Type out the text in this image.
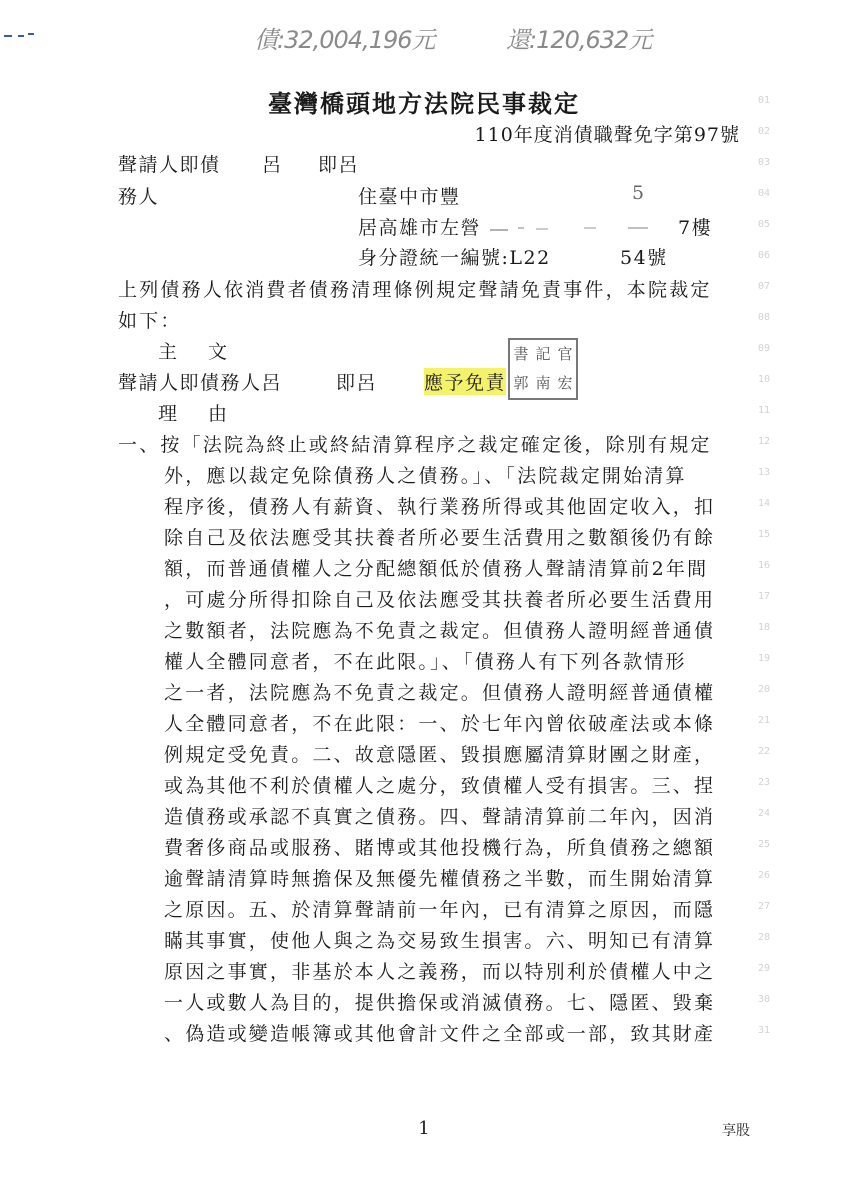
債:32,004,196元	還:120,632元
臺灣橋頭地方法院民事裁定
110年度消債職聲免字第97號
聲請人即債 呂 即呂
務人	住臺中市豐	5
居高雄市左營	7樓
身分證統一編號:L22	54號
上列債務人依消費者債務清理條例規定聲請免責事件，本院裁定
如下：
主　文
聲請人即債務人呂	即呂 應予免責
書 記 官
郭 南 宏
理　由
一、按「法院為終止或終結清算程序之裁定確定後，除別有規定
外，應以裁定免除債務人之債務。」、「法院裁定開始清算
程序後，債務人有薪資、執行業務所得或其他固定收入，扣
除自己及依法應受其扶養者所必要生活費用之數額後仍有餘
額，而普通債權人之分配總額低於債務人聲請清算前2年間
，可處分所得扣除自己及依法應受其扶養者所必要生活費用
之數額者，法院應為不免責之裁定。但債務人證明經普通債
權人全體同意者，不在此限。」、「債務人有下列各款情形
之一者，法院應為不免責之裁定。但債務人證明經普通債權
人全體同意者，不在此限：一、於七年內曾依破產法或本條
例規定受免責。二、故意隱匿、毀損應屬清算財團之財產，
或為其他不利於債權人之處分，致債權人受有損害。三、捏
造債務或承認不真實之債務。四、聲請清算前二年內，因消
費奢侈商品或服務、賭博或其他投機行為，所負債務之總額
逾聲請清算時無擔保及無優先權債務之半數，而生開始清算
之原因。五、於清算聲請前一年內，已有清算之原因，而隱
瞞其事實，使他人與之為交易致生損害。六、明知已有清算
原因之事實，非基於本人之義務，而以特別利於債權人中之
一人或數人為目的，提供擔保或消滅債務。七、隱匿、毀棄
、偽造或變造帳簿或其他會計文件之全部或一部，致其財產
01
02
03
04
05
06
07
08
09
10
11
12
13
14
15
16
17
18
19
20
21
22
23
24
25
26
27
28
29
30
31
1	享股
